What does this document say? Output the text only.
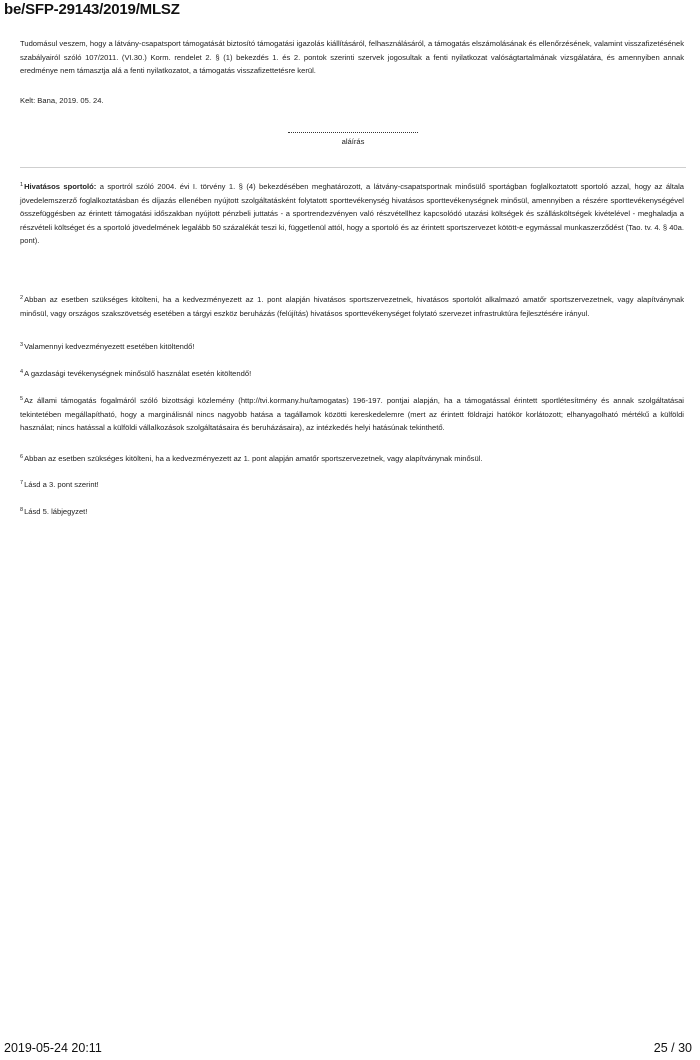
be/SFP-29143/2019/MLSZ
Tudomásul veszem, hogy a látvány-csapatsport támogatását biztosító támogatási igazolás kiállításáról, felhasználásáról, a támogatás elszámolásának és ellenőrzésének, valamint visszafizetésének szabályairól szóló 107/2011. (VI.30.) Korm. rendelet 2. § (1) bekezdés 1. és 2. pontok szerinti szervek jogosultak a fenti nyilatkozat valóságtartalmának vizsgálatára, és amennyiben annak eredménye nem támasztja alá a fenti nyilatkozatot, a támogatás visszafizettetésre kerül.
Kelt: Bana, 2019. 05. 24.
aláírás
$^1$Hivatásos sportoló: a sportról szóló 2004. évi I. törvény 1. § (4) bekezdésében meghatározott, a látvány-csapatsportnak minősülő sportágban foglalkoztatott sportoló azzal, hogy az általa jövedelemszerző foglalkoztatásban és díjazás ellenében nyújtott szolgáltatásként folytatott sporttevékenység hivatásos sporttevékenységnek minősül, amennyiben a részére sporttevékenységével összefüggésben az érintett támogatási időszakban nyújtott pénzbeli juttatás - a sportrendezvényen való részvétellhez kapcsolódó utazási költségek és szállásköltségek kivételével - meghaladja a részvételi költséget és a sportoló jövedelmének legalább 50 százalékát teszi ki, függetlenül attól, hogy a sportoló és az érintett sportszervezet kötött-e egymással munkaszerződést (Tao. tv. 4. § 40a. pont).
$^2$Abban az esetben szükséges kitölteni, ha a kedvezményezett az 1. pont alapján hivatásos sportszervezetnek, hivatásos sportolót alkalmazó amatőr sportszervezetnek, vagy alapítványnak minősül, vagy országos szakszövetség esetében a tárgyi eszköz beruházás (felújítás) hivatásos sporttevékenységet folytató szervezet infrastruktúra fejlesztésére irányul.
$^3$Valamennyi kedvezményezett esetében kitöltendő!
$^4$A gazdasági tevékenységnek minősülő használat esetén kitöltendő!
$^5$Az állami támogatás fogalmáról szóló bizottsági közlemény (http://tvi.kormany.hu/tamogatas) 196-197. pontjai alapján, ha a támogatással érintett sportlétesítmény és annak szolgáltatásai tekintetében megállapítható, hogy a marginálisnál nincs nagyobb hatása a tagállamok közötti kereskedelemre (mert az érintett földrajzi hatókör korlátozott; elhanyagolható mértékű a külföldi használat; nincs hatással a külföldi vállalkozások szolgáltatásaira és beruházásaira), az intézkedés helyi hatásúnak tekinthető.
$^6$Abban az esetben szükséges kitölteni, ha a kedvezményezett az 1. pont alapján amatőr sportszervezetnek, vagy alapítványnak minősül.
$^7$Lásd a 3. pont szerint!
$^8$Lásd 5. lábjegyzet!
2019-05-24 20:11	25 / 30
